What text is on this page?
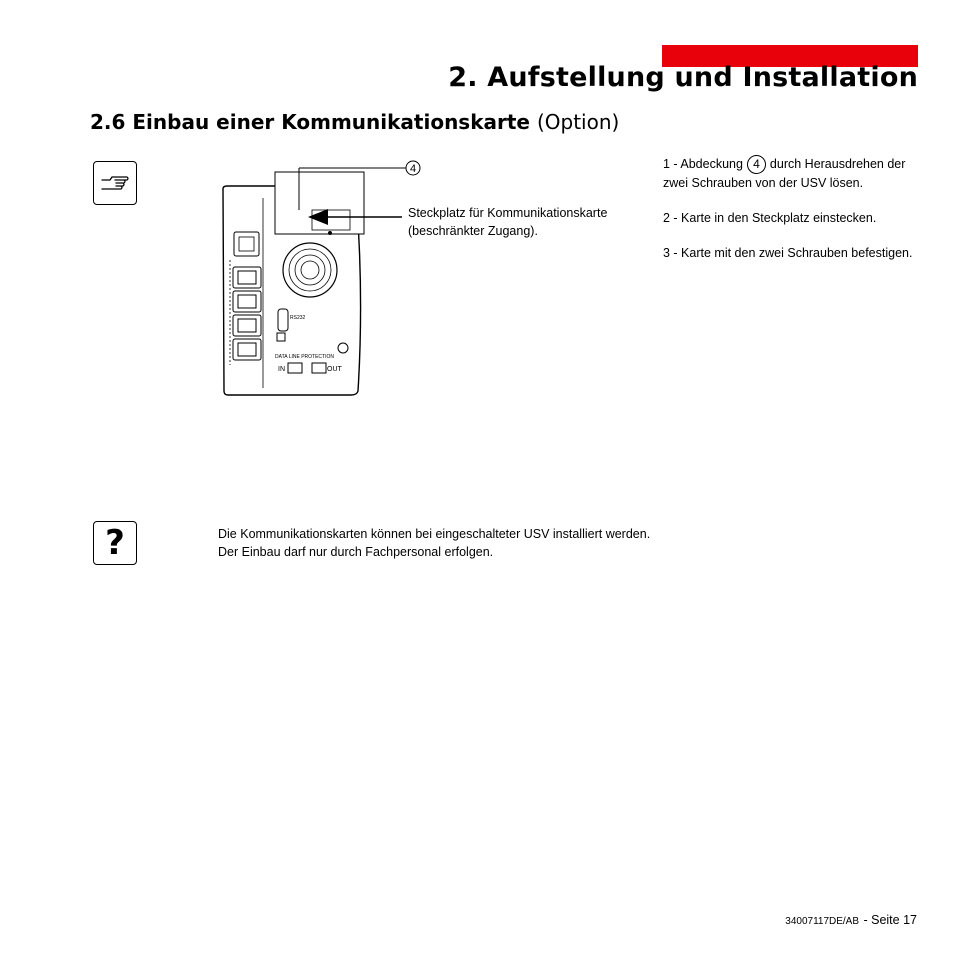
2. Aufstellung und Installation
2.6 Einbau einer Kommunikationskarte (Option)
RS232
DATA LINE PROTECTION
IN	OUT
4
Steckplatz für Kommunikationskarte (beschränkter Zugang).

1 - Abdeckung 4 durch Herausdrehen der zwei Schrauben von der USV lösen.

2 - Karte in den Steckplatz einstecken.

3 - Karte mit den zwei Schrauben befestigen.

?	Die Kommunikationskarten können bei eingeschalteter USV installiert werden.

Der Einbau darf nur durch Fachpersonal erfolgen.

34007117DE/AB - Seite 17
